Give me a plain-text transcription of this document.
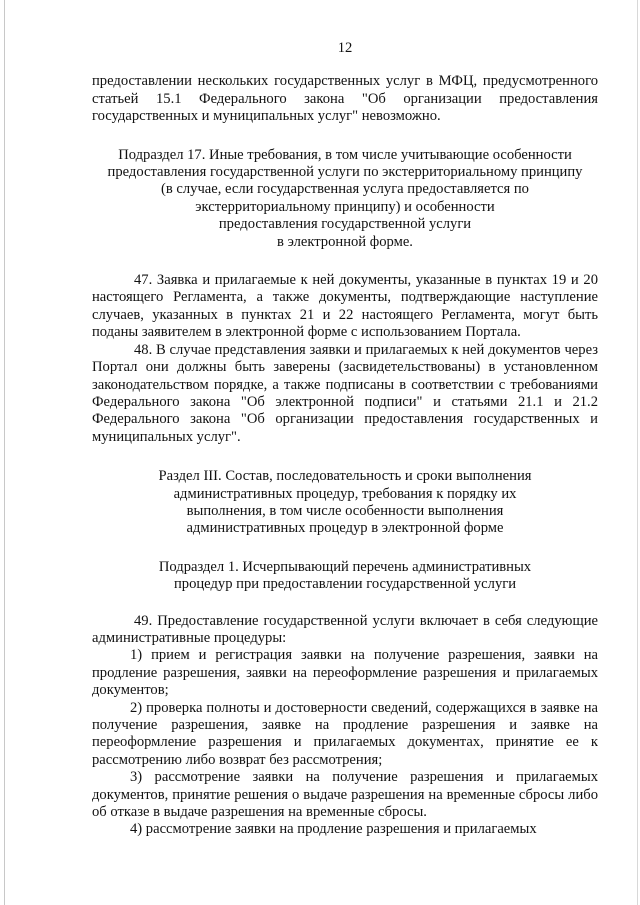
12

предоставлении нескольких государственных услуг в МФЦ, предусмотренного статьей 15.1 Федерального закона "Об организации предоставления государственных и муниципальных услуг" невозможно.

Подраздел 17. Иные требования, в том числе учитывающие особенности
предоставления государственной услуги по экстерриториальному принципу
(в случае, если государственная услуга предоставляется по
экстерриториальному принципу) и особенности
предоставления государственной услуги
в электронной форме.

47. Заявка и прилагаемые к ней документы, указанные в пунктах 19 и 20 настоящего Регламента, а также документы, подтверждающие наступление случаев, указанных в пунктах 21 и 22 настоящего Регламента, могут быть поданы заявителем в электронной форме с использованием Портала.

48. В случае представления заявки и прилагаемых к ней документов через Портал они должны быть заверены (засвидетельствованы) в установленном законодательством порядке, а также подписаны в соответствии с требованиями Федерального закона "Об электронной подписи" и статьями 21.1 и 21.2 Федерального закона "Об организации предоставления государственных и муниципальных услуг".

Раздел III. Состав, последовательность и сроки выполнения
административных процедур, требования к порядку их
выполнения, в том числе особенности выполнения
административных процедур в электронной форме
Подраздел 1. Исчерпывающий перечень административных
процедур при предоставлении государственной услуги

49. Предоставление государственной услуги включает в себя следующие административные процедуры:

1) прием и регистрация заявки на получение разрешения, заявки на продление разрешения, заявки на переоформление разрешения и прилагаемых документов;

2) проверка полноты и достоверности сведений, содержащихся в заявке на получение разрешения, заявке на продление разрешения и заявке на переоформление разрешения и прилагаемых документах, принятие ее к рассмотрению либо возврат без рассмотрения;

3) рассмотрение заявки на получение разрешения и прилагаемых документов, принятие решения о выдаче разрешения на временные сбросы либо об отказе в выдаче разрешения на временные сбросы.

4) рассмотрение заявки на продление разрешения и прилагаемых
